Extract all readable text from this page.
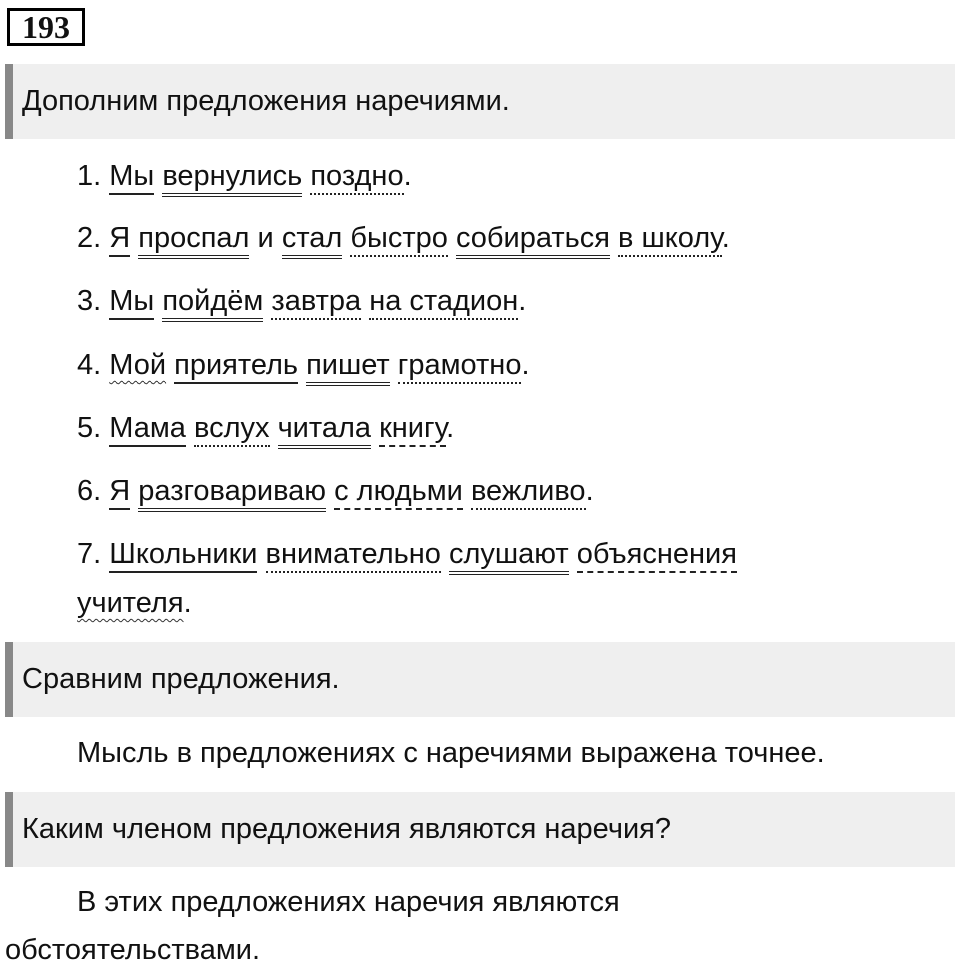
193
Дополним предложения наречиями.
1. Мы вернулись поздно.
2. Я проспал и стал быстро собираться в школу.
3. Мы пойдём завтра на стадион.
4. Мой приятель пишет грамотно.
5. Мама вслух читала книгу.
6. Я разговариваю с людьми вежливо.
7. Школьники внимательно слушают объяснения
учителя.
Сравним предложения.
Мысль в предложениях с наречиями выражена точнее.
Каким членом предложения являются наречия?
В этих предложениях наречия являются
обстоятельствами.
